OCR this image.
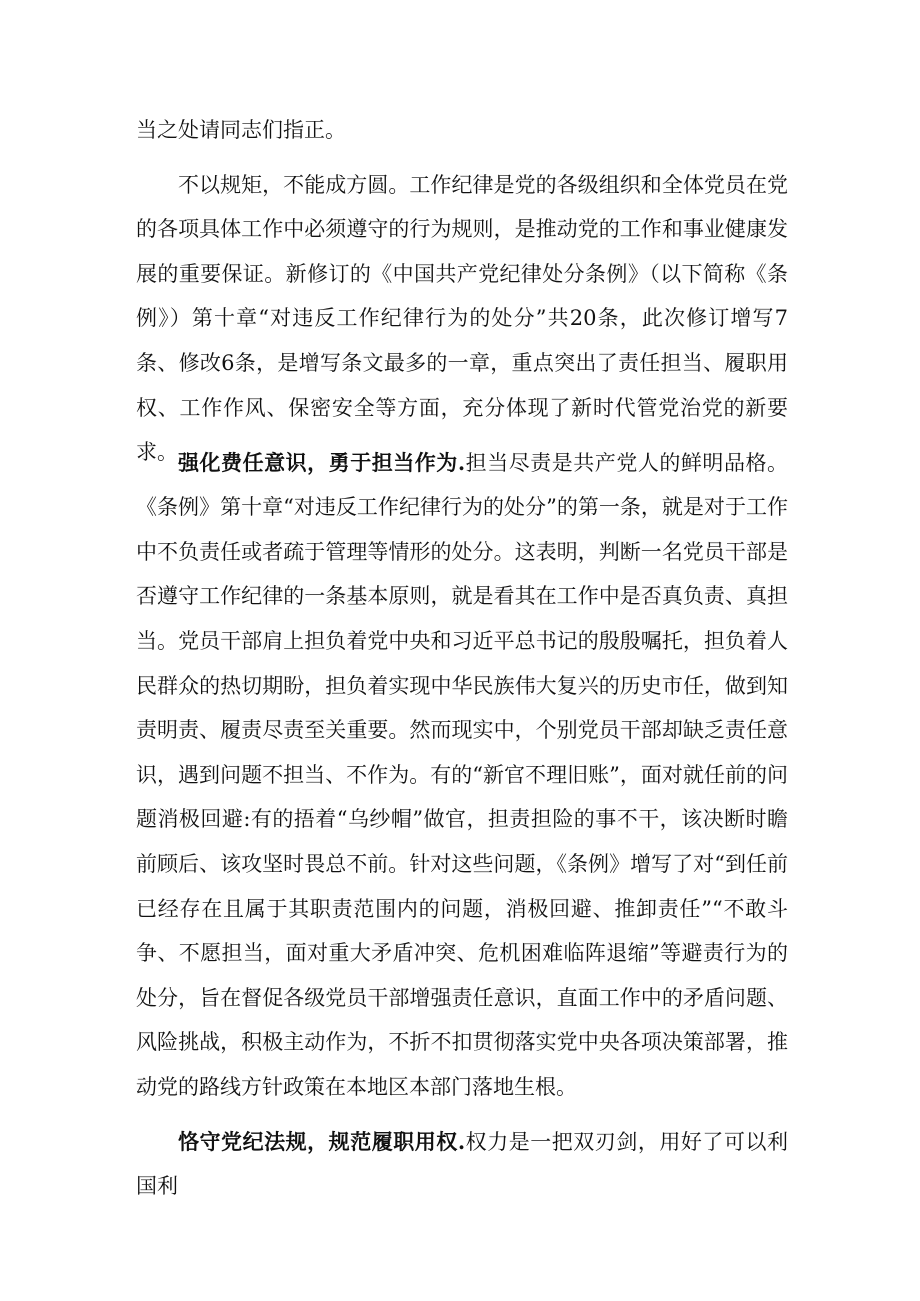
当之处请同志们指正。

不以规矩，不能成方圆。工作纪律是党的各级组织和全体党员在党的各项具体工作中必须遵守的行为规则，是推动党的工作和事业健康发展的重要保证。新修订的《中国共产党纪律处分条例》（以下简称《条例》）第十章“对违反工作纪律行为的处分”共20条，此次修订增写7条、修改6条，是增写条文最多的一章，重点突出了责任担当、履职用权、工作作风、保密安全等方面，充分体现了新时代管党治党的新要求。 强化费任意识，勇于担当作为.担当尽责是共产党人的鲜明品格。《条例》第十章“对违反工作纪律行为的处分”的第一条，就是对于工作中不负责任或者疏于管理等情形的处分。这表明，判断一名党员干部是否遵守工作纪律的一条基本原则，就是看其在工作中是否真负责、真担当。党员干部肩上担负着党中央和习近平总书记的殷殷嘱托，担负着人民群众的热切期盼，担负着实现中华民族伟大复兴的历史市任，做到知责明责、履责尽责至关重要。然而现实中，个别党员干部却缺乏责任意识，遇到问题不担当、不作为。有的“新官不理旧账”，面对就任前的问题消极回避:有的捂着“乌纱帽”做官，担责担险的事不干，该决断时瞻前顾后、该攻坚时畏总不前。针对这些问题，《条例》增写了对“到任前已经存在且属于其职责范围内的问题，消极回避、推卸责任”“不敢斗争、不愿担当，面对重大矛盾冲突、危机困难临阵退缩”等避责行为的处分，旨在督促各级党员干部增强责任意识，直面工作中的矛盾问题、风险挑战，积极主动作为，不折不扣贯彻落实党中央各项决策部署，推动党的路线方针政策在本地区本部门落地生根。

恪守党纪法规，规范履职用权.权力是一把双刃剑，用好了可以利国利
